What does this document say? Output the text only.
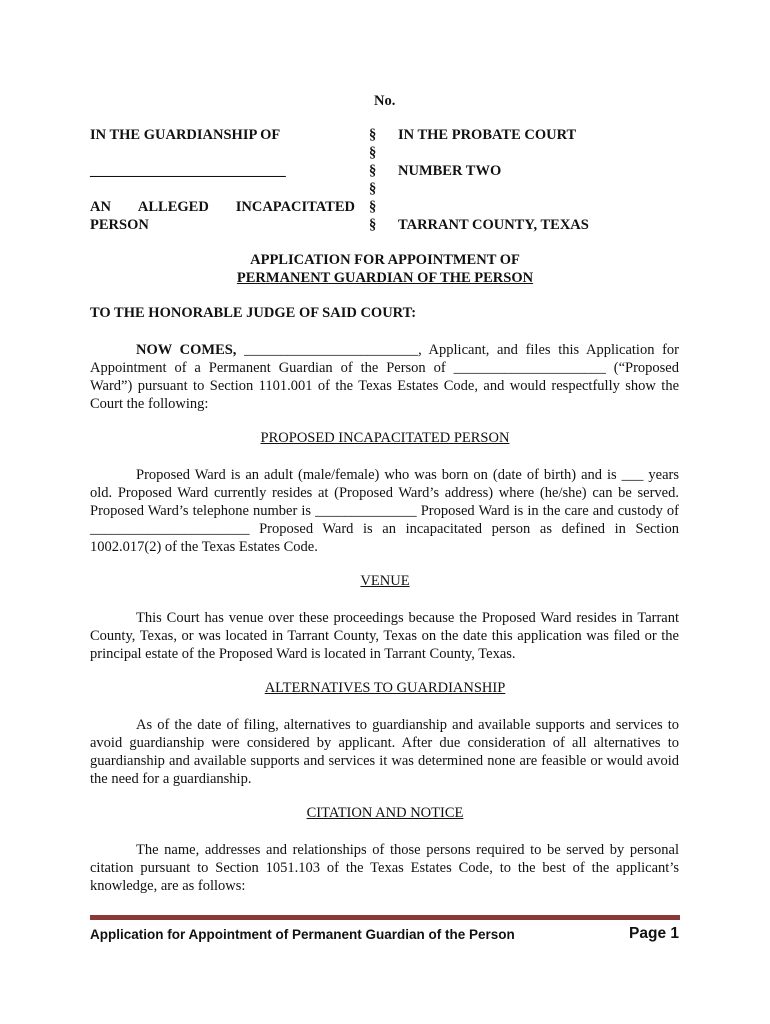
No.
IN THE GUARDIANSHIP OF
___________________________
AN ALLEGED INCAPACITATED
PERSON
§
§
§
§
§
§
IN THE PROBATE COURT
NUMBER TWO
TARRANT COUNTY, TEXAS
APPLICATION FOR APPOINTMENT OF
PERMANENT GUARDIAN OF THE PERSON
TO THE HONORABLE JUDGE OF SAID COURT:
NOW COMES, ________________________, Applicant, and files this Application for Appointment of a Permanent Guardian of the Person of _____________________ (“Proposed Ward”) pursuant to Section 1101.001 of the Texas Estates Code, and would respectfully show the Court the following:
PROPOSED INCAPACITATED PERSON
Proposed Ward is an adult (male/female) who was born on (date of birth) and is ___ years old. Proposed Ward currently resides at (Proposed Ward’s address) where (he/she) can be served. Proposed Ward’s telephone number is ______________ Proposed Ward is in the care and custody of ______________________ Proposed Ward is an incapacitated person as defined in Section 1002.017(2) of the Texas Estates Code.
VENUE
This Court has venue over these proceedings because the Proposed Ward resides in Tarrant County, Texas, or was located in Tarrant County, Texas on the date this application was filed or the principal estate of the Proposed Ward is located in Tarrant County, Texas.
ALTERNATIVES TO GUARDIANSHIP
As of the date of filing, alternatives to guardianship and available supports and services to avoid guardianship were considered by applicant. After due consideration of all alternatives to guardianship and available supports and services it was determined none are feasible or would avoid the need for a guardianship.
CITATION AND NOTICE
The name, addresses and relationships of those persons required to be served by personal citation pursuant to Section 1051.103 of the Texas Estates Code, to the best of the applicant’s knowledge, are as follows:
Application for Appointment of Permanent Guardian of the Person	Page 1
